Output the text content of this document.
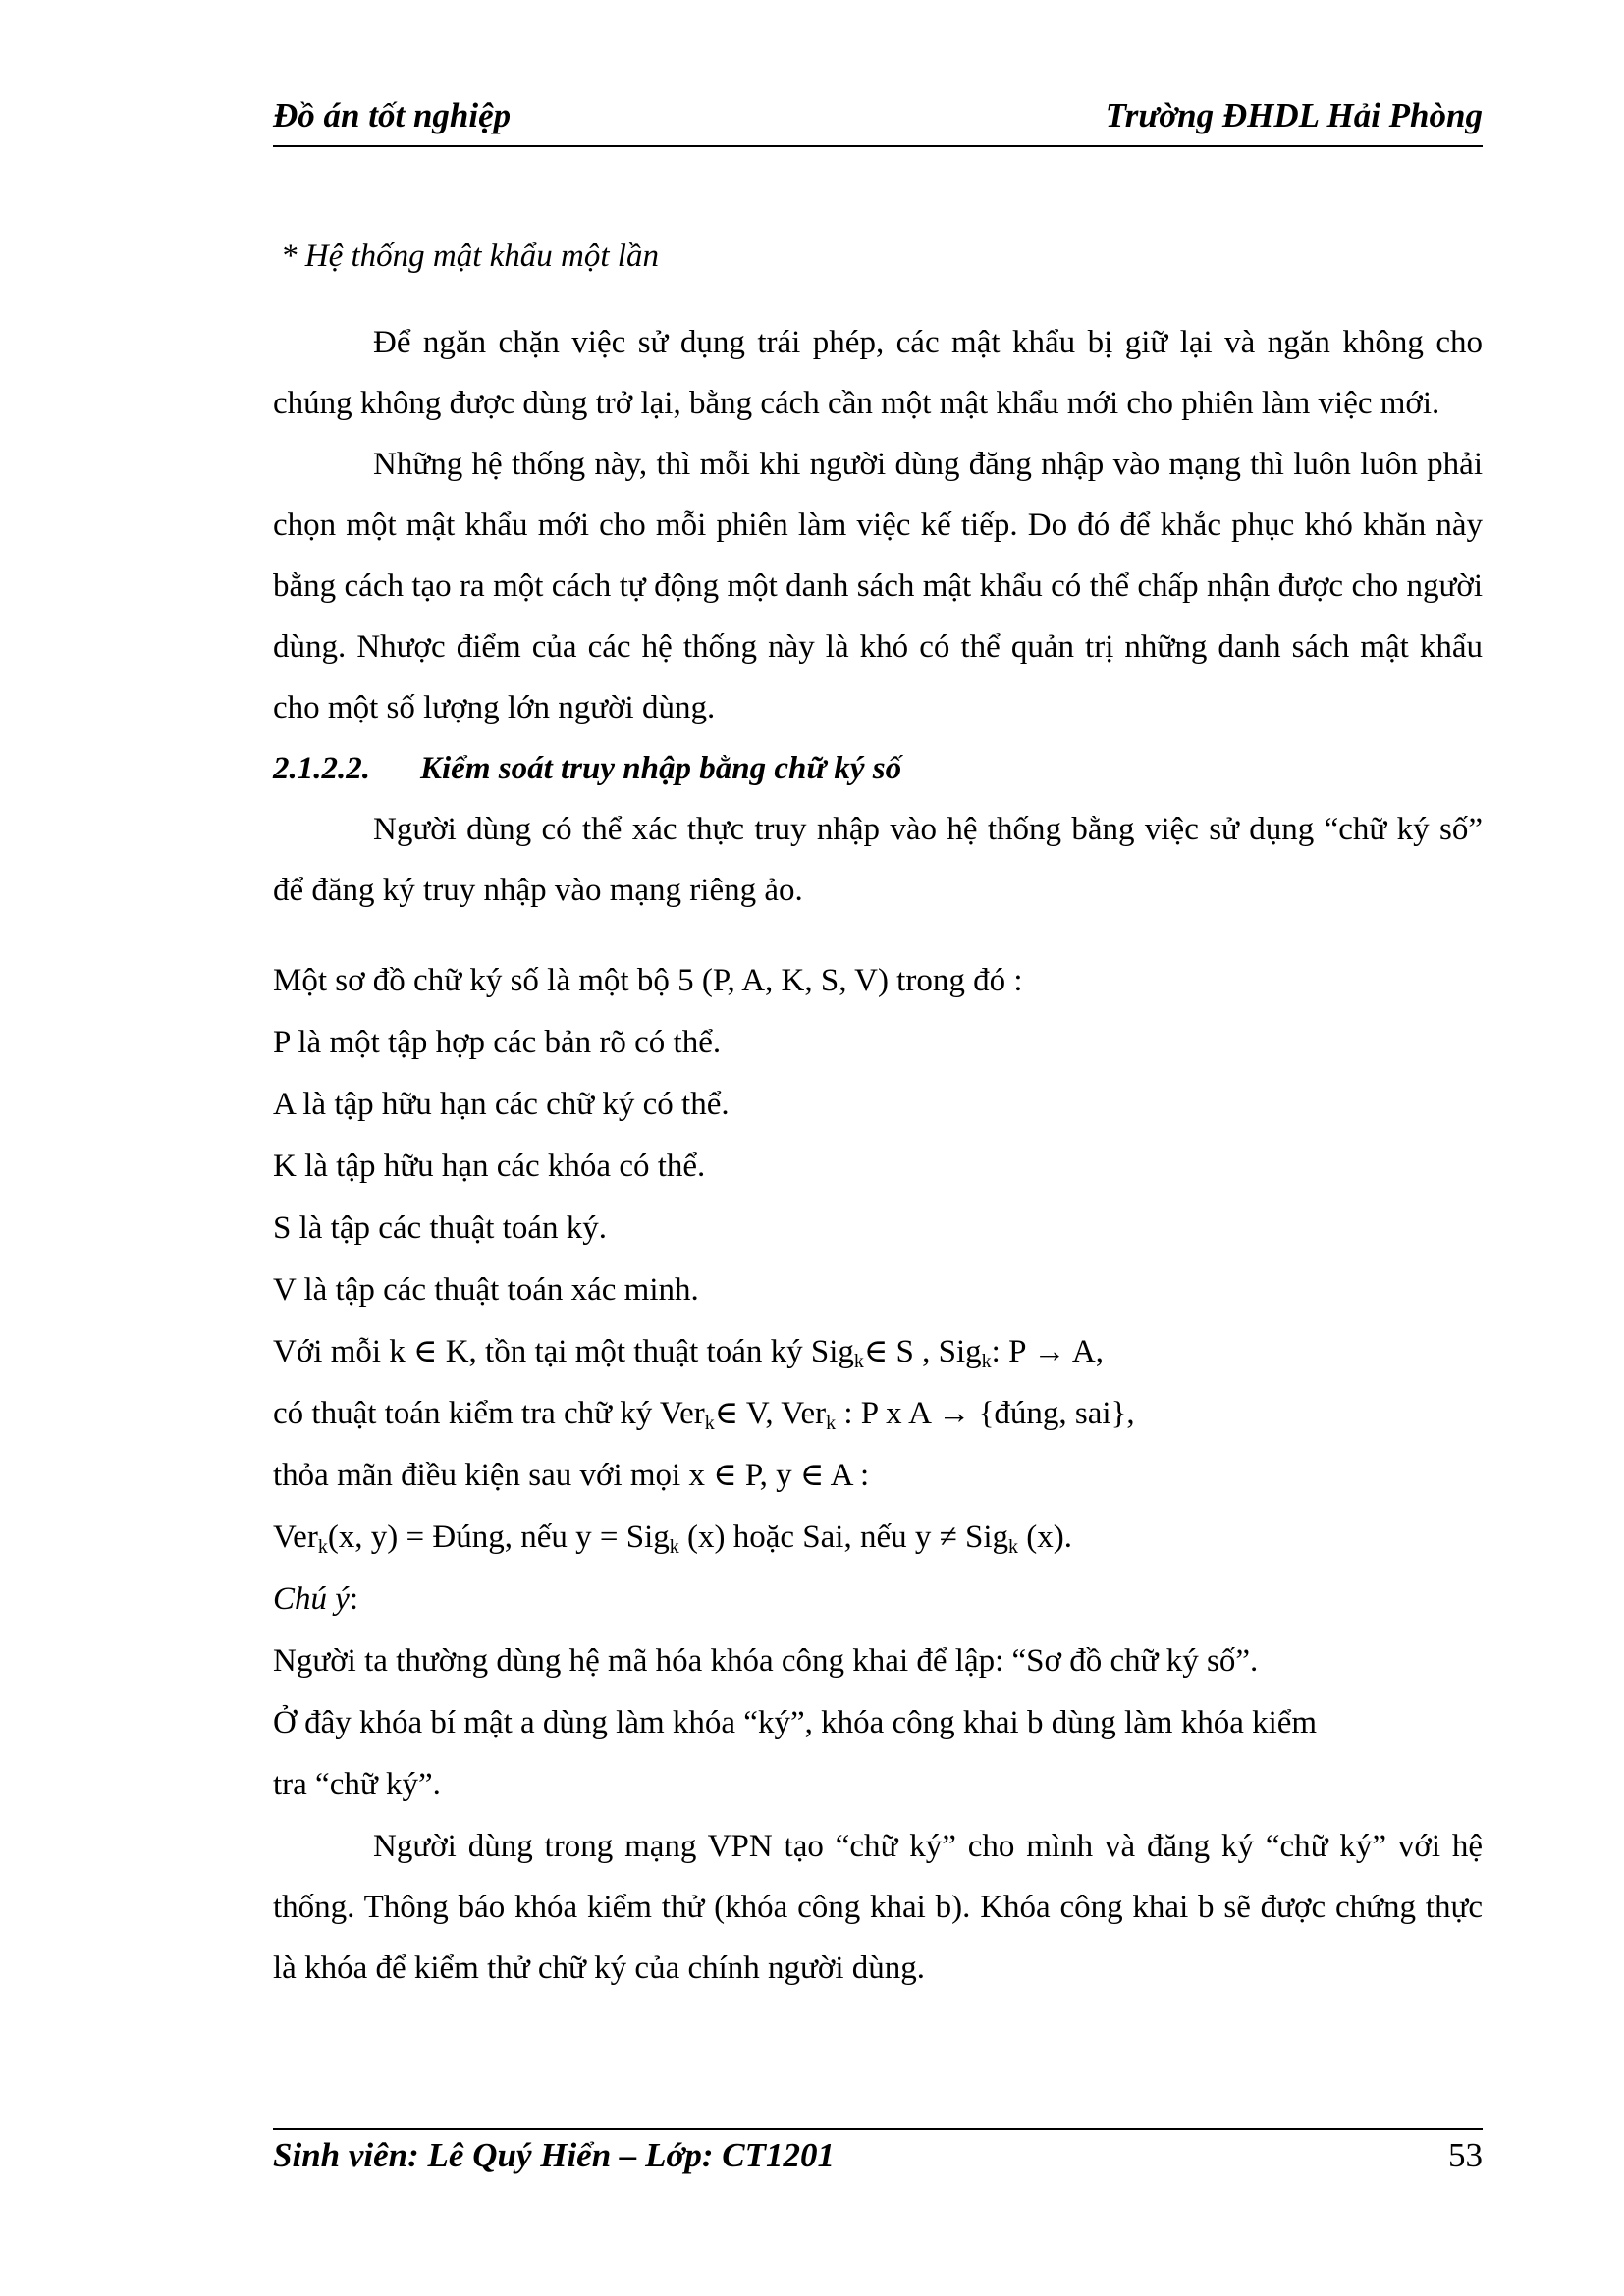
Đồ án tốt nghiệp	Trường ĐHDL Hải Phòng

* Hệ thống mật khẩu một lần

Để ngăn chặn việc sử dụng trái phép, các mật khẩu bị giữ lại và ngăn không cho chúng không được dùng trở lại, bằng cách cần một mật khẩu mới cho phiên làm việc mới.

Những hệ thống này, thì mỗi khi người dùng đăng nhập vào mạng thì luôn luôn phải chọn một mật khẩu mới cho mỗi phiên làm việc kế tiếp. Do đó để khắc phục khó khăn này bằng cách tạo ra một cách tự động một danh sách mật khẩu có thể chấp nhận được cho người dùng. Nhược điểm của các hệ thống này là khó có thể quản trị những danh sách mật khẩu cho một số lượng lớn người dùng.

2.1.2.2. Kiểm soát truy nhập bằng chữ ký số

Người dùng có thể xác thực truy nhập vào hệ thống bằng việc sử dụng “chữ ký số” để đăng ký truy nhập vào mạng riêng ảo.

Một sơ đồ chữ ký số là một bộ 5 (P, A, K, S, V) trong đó :

P là một tập hợp các bản rõ có thể.

A là tập hữu hạn các chữ ký có thể.

K là tập hữu hạn các khóa có thể.

S là tập các thuật toán ký.

V là tập các thuật toán xác minh.

Với mỗi k ∈ K, tồn tại một thuật toán ký Sig$_k$∈ S , Sig$_k$: P → A,

có thuật toán kiểm tra chữ ký Ver$_k$∈ V, Ver$_k$ : P x A → {đúng, sai},

thỏa mãn điều kiện sau với mọi x ∈ P, y ∈ A :

Ver$_k$(x, y) = Đúng, nếu y = Sig$_k$ (x) hoặc Sai, nếu y ≠ Sig$_k$ (x).

Chú ý:

Người ta thường dùng hệ mã hóa khóa công khai để lập: “Sơ đồ chữ ký số”.

Ở đây khóa bí mật a dùng làm khóa “ký”, khóa công khai b dùng làm khóa kiểm

tra “chữ ký”.

Người dùng trong mạng VPN tạo “chữ ký” cho mình và đăng ký “chữ ký” với hệ thống. Thông báo khóa kiểm thử (khóa công khai b). Khóa công khai b sẽ được chứng thực là khóa để kiểm thử chữ ký của chính người dùng.

Sinh viên: Lê Quý Hiển – Lớp: CT1201	53
